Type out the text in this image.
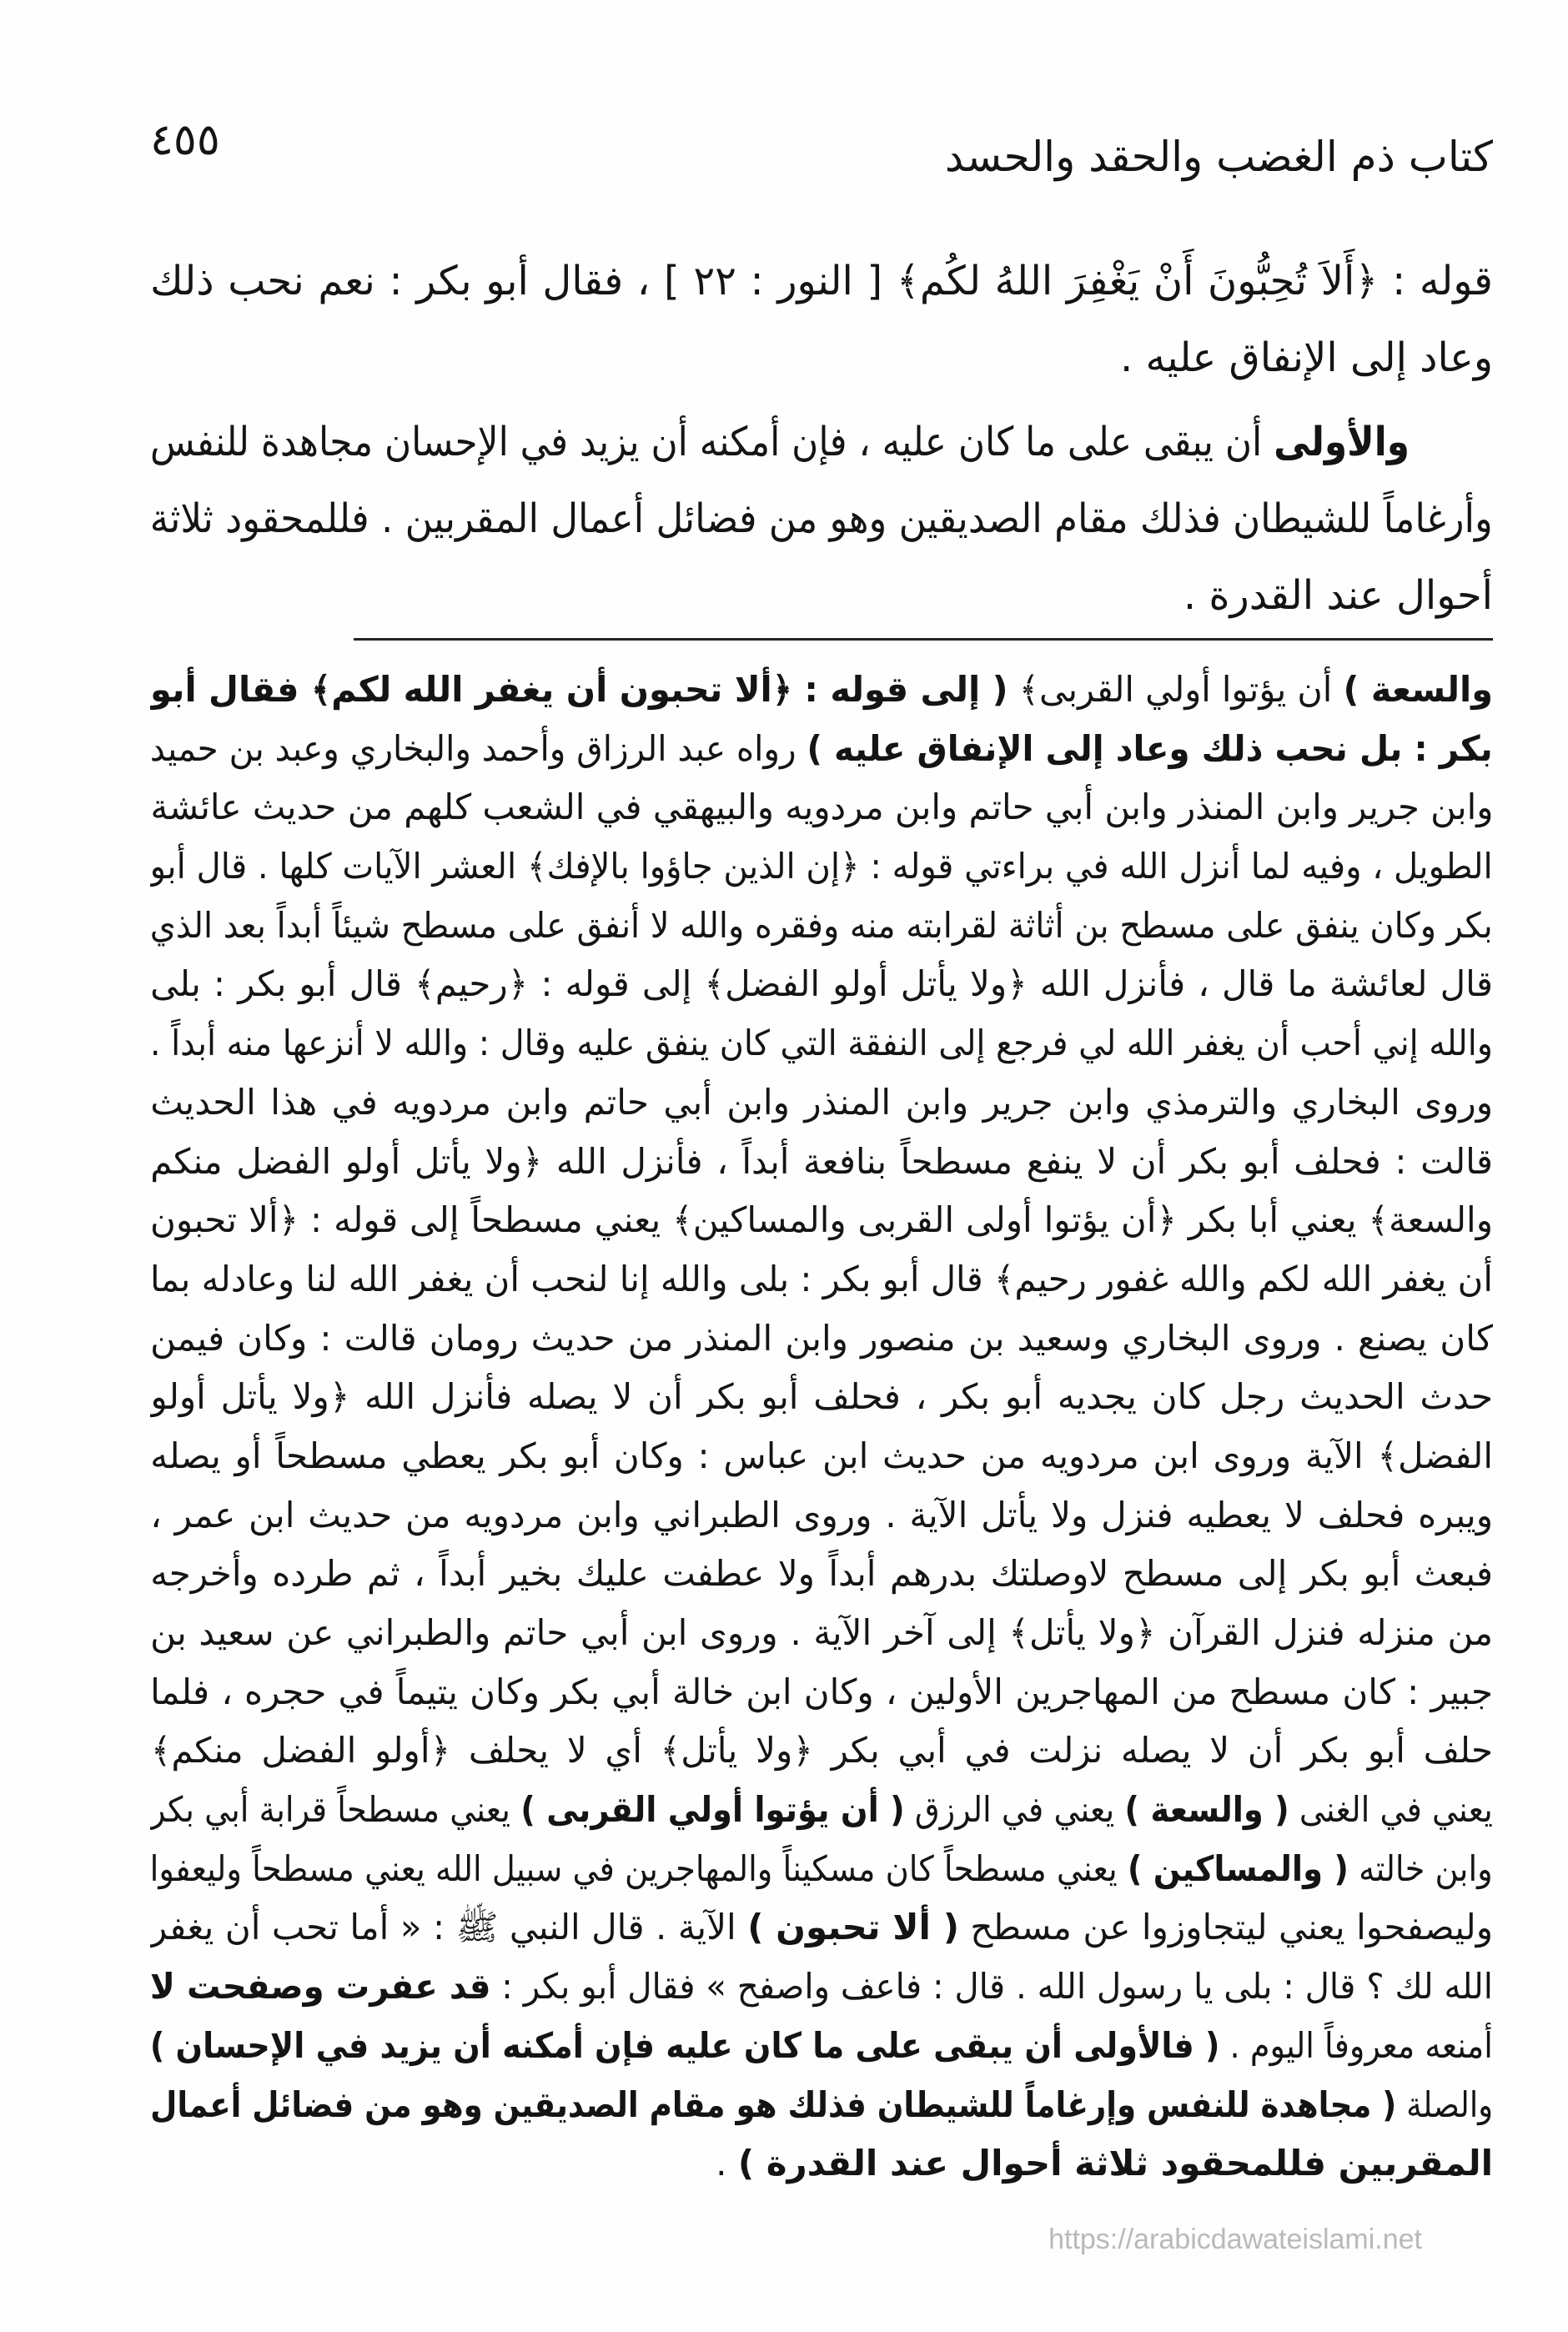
كتاب ذم الغضب والحقد والحسد
٤٥٥
قوله : ﴿أَلاَ تُحِبُّونَ أَنْ يَغْفِرَ اللهُ لكُم﴾ [ النور : ٢٢ ] ، فقال أبو بكر : نعم نحب ذلك
وعاد إلى الإنفاق عليه .
والأولى أن يبقى على ما كان عليه ، فإن أمكنه أن يزيد في الإحسان مجاهدة للنفس
وأرغاماً للشيطان فذلك مقام الصديقين وهو من فضائل أعمال المقربين . فللمحقود ثلاثة
أحوال عند القدرة .
والسعة ) أن يؤتوا أولي القربى﴾ ( إلى قوله : ﴿ألا تحبون أن يغفر الله لكم﴾ فقال أبو
بكر : بل نحب ذلك وعاد إلى الإنفاق عليه ) رواه عبد الرزاق وأحمد والبخاري وعبد بن حميد
وابن جرير وابن المنذر وابن أبي حاتم وابن مردويه والبيهقي في الشعب كلهم من حديث عائشة
الطويل ، وفيه لما أنزل الله في براءتي قوله : ﴿إن الذين جاؤوا بالإفك﴾ العشر الآيات كلها . قال أبو
بكر وكان ينفق على مسطح بن أثاثة لقرابته منه وفقره والله لا أنفق على مسطح شيئاً أبداً بعد الذي
قال لعائشة ما قال ، فأنزل الله ﴿ولا يأتل أولو الفضل﴾ إلى قوله : ﴿رحيم﴾ قال أبو بكر : بلى
والله إني أحب أن يغفر الله لي فرجع إلى النفقة التي كان ينفق عليه وقال : والله لا أنزعها منه أبداً .
وروى البخاري والترمذي وابن جرير وابن المنذر وابن أبي حاتم وابن مردويه في هذا الحديث
قالت : فحلف أبو بكر أن لا ينفع مسطحاً بنافعة أبداً ، فأنزل الله ﴿ولا يأتل أولو الفضل منكم
والسعة﴾ يعني أبا بكر ﴿أن يؤتوا أولى القربى والمساكين﴾ يعني مسطحاً إلى قوله : ﴿ألا تحبون
أن يغفر الله لكم والله غفور رحيم﴾ قال أبو بكر : بلى والله إنا لنحب أن يغفر الله لنا وعادله بما
كان يصنع . وروى البخاري وسعيد بن منصور وابن المنذر من حديث رومان قالت : وكان فيمن
حدث الحديث رجل كان يجديه أبو بكر ، فحلف أبو بكر أن لا يصله فأنزل الله ﴿ولا يأتل أولو
الفضل﴾ الآية وروى ابن مردويه من حديث ابن عباس : وكان أبو بكر يعطي مسطحاً أو يصله
ويبره فحلف لا يعطيه فنزل ولا يأتل الآية . وروى الطبراني وابن مردويه من حديث ابن عمر ،
فبعث أبو بكر إلى مسطح لاوصلتك بدرهم أبداً ولا عطفت عليك بخير أبداً ، ثم طرده وأخرجه
من منزله فنزل القرآن ﴿ولا يأتل﴾ إلى آخر الآية . وروى ابن أبي حاتم والطبراني عن سعيد بن
جبير : كان مسطح من المهاجرين الأولين ، وكان ابن خالة أبي بكر وكان يتيماً في حجره ، فلما
حلف أبو بكر أن لا يصله نزلت في أبي بكر ﴿ولا يأتل﴾ أي لا يحلف ﴿أولو الفضل منكم﴾
يعني في الغنى ( والسعة ) يعني في الرزق ( أن يؤتوا أولي القربى ) يعني مسطحاً قرابة أبي بكر
وابن خالته ( والمساكين ) يعني مسطحاً كان مسكيناً والمهاجرين في سبيل الله يعني مسطحاً وليعفوا
وليصفحوا يعني ليتجاوزوا عن مسطح ( ألا تحبون ) الآية . قال النبي ﷺ : « أما تحب أن يغفر
الله لك ؟ قال : بلى يا رسول الله . قال : فاعف واصفح » فقال أبو بكر : قد عفرت وصفحت لا
أمنعه معروفاً اليوم . ( فالأولى أن يبقى على ما كان عليه فإن أمكنه أن يزيد في الإحسان )
والصلة ( مجاهدة للنفس وإرغاماً للشيطان فذلك هو مقام الصديقين وهو من فضائل أعمال
المقربين فللمحقود ثلاثة أحوال عند القدرة ) .
https://arabicdawateislami.net
